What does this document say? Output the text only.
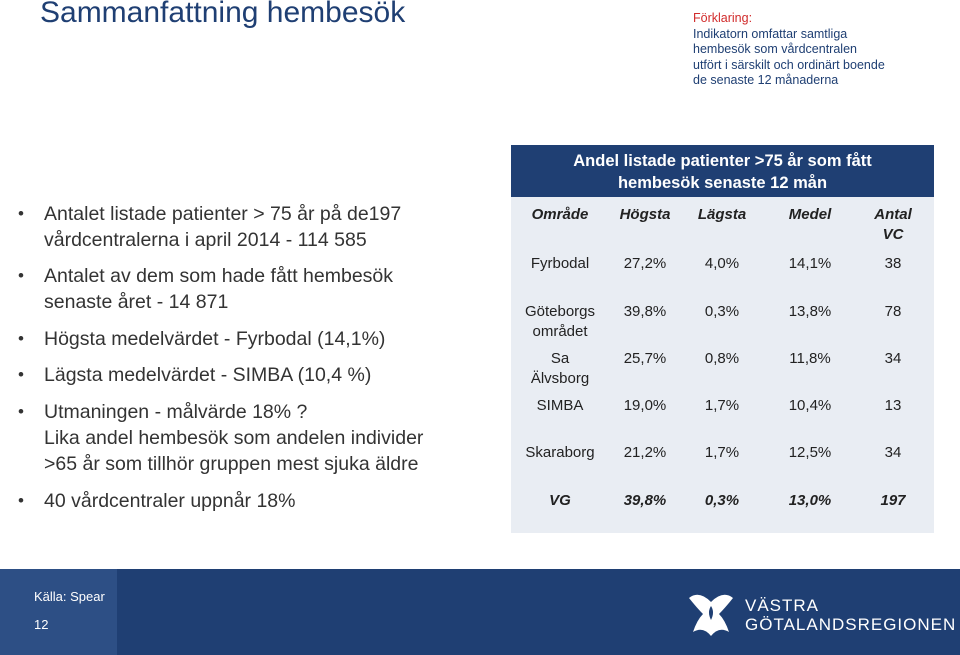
Sammanfattning hembesök	Förklaring:
Indikatorn omfattar samtliga
hembesök som vårdcentralen
utfört i särskilt och ordinärt boende
de senaste 12 månaderna
•	Antalet listade patienter > 75 år på de197
vårdcentralerna i april 2014 - 114 585
•	Antalet av dem som hade fått hembesök
senaste året - 14 871
•	Högsta medelvärdet - Fyrbodal (14,1%)
•	Lägsta medelvärdet - SIMBA (10,4 %)
•	Utmaningen - målvärde 18% ?
Lika andel hembesök som andelen individer
>65 år som tillhör gruppen mest sjuka äldre
•	40 vårdcentraler uppnår 18%
Andel listade patienter >75 år som fått
hembesök senaste 12 mån
Område	Högsta	Lägsta	Medel	Antal
VC
Fyrbodal	27,2%	4,0%	14,1%	38
Göteborgs
området
39,8%	0,3%	13,8%	78
Sa
Älvsborg
25,7%	0,8%	11,8%	34
SIMBA	19,0%	1,7%	10,4%	13
Skaraborg	21,2%	1,7%	12,5%	34
VG	39,8%	0,3%	13,0%	197
Källa: Spear
12
VÄSTRA
GÖTALANDSREGIONEN
